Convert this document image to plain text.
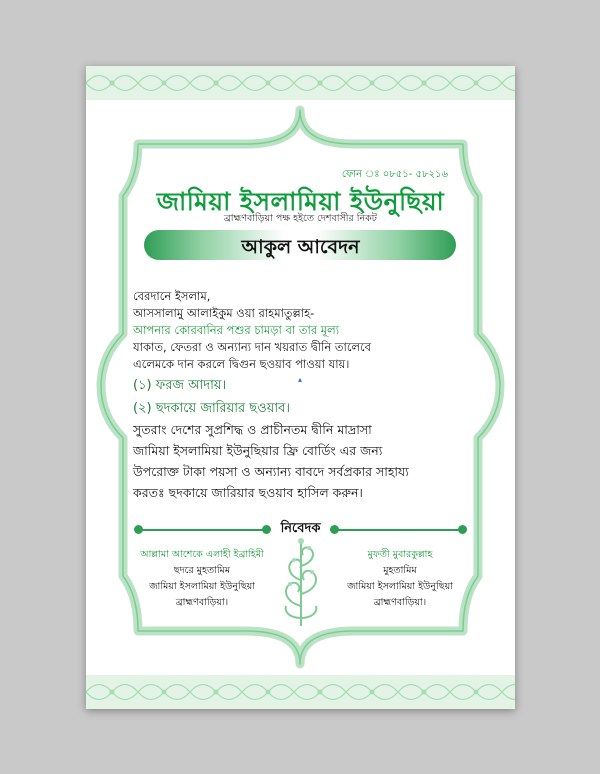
ফোন ঃ ০৮৫১- ৫৮২১৬

জামিয়া ইসলামিয়া ইউনুছিয়া

ব্রাহ্মণবাড়িয়া পক্ষ হইতে দেশবাসীর নিকট

আকুল আবেদন

বেরদানে ইসলাম,

আসসালামু আলাইকুম ওয়া রাহমাতুল্লাহ-

আপনার কোরবানির পশুর চামড়া বা তার মূল্য

যাকাত, ফেতরা ও অন্যান্য দান খয়রাত দ্বীনি তালেবে

এলেমকে দান করলে দ্বিগুন ছওয়াব পাওয়া যায়।

(১) ফরজ আদায়।

(২) ছদকায়ে জারিয়ার ছওয়াব।

সুতরাং দেশের সুপ্রশিদ্ধ ও প্রাচীনতম দ্বীনি মাদ্রাসা

জামিয়া ইসলামিয়া ইউনুছিয়ার ফ্রি বোর্ডিং এর জন্য

উপরোক্ত টাকা পয়সা ও অন্যান্য বাবদে সর্বপ্রকার সাহায্য

করতঃ ছদকায়ে জারিয়ার ছওয়াব হাসিল করুন।

▴

নিবেদক

আল্লামা আশেকে এলাহী ইব্রাহিমী

ছদরে মুহতামিম

জামিয়া ইসলামিয়া ইউনুছিয়া

ব্রাহ্মণবাড়িয়া।

মুফতী মুবারকুল্লাহ

মুহতামিম

জামিয়া ইসলামিয়া ইউনুছিয়া

ব্রাহ্মণবাড়িয়া।
